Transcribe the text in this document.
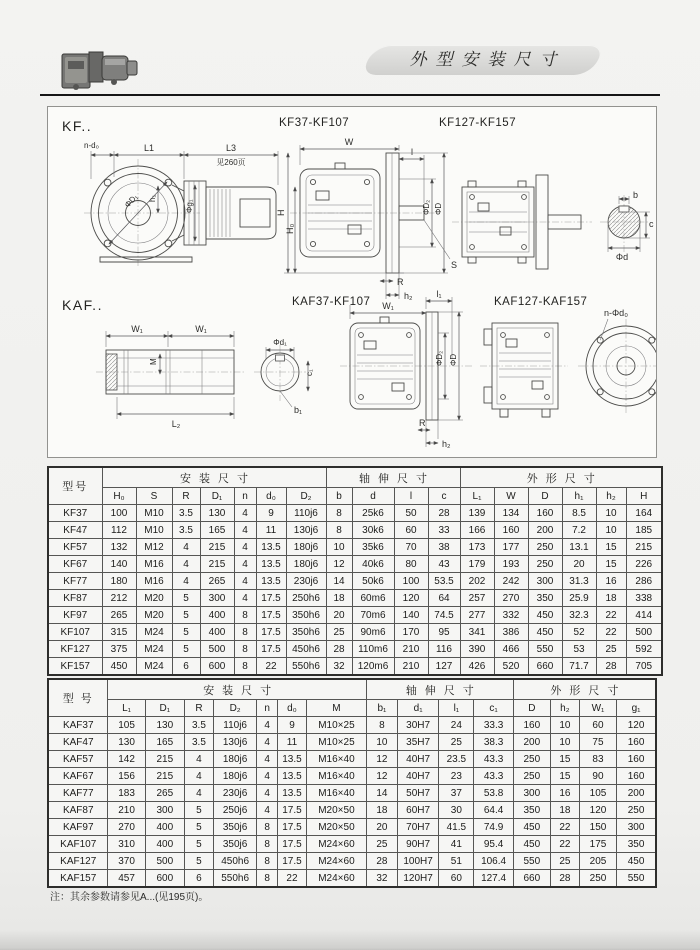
外型安装尺寸
KF..	KF37-KF107	KF127-KF157
KAF..	KAF37-KF107	KAF127-KAF157
n-d₀	L1	L3
见260页
ΦD₁ h₁
Φg₁
W
l
H
H₀
ΦD₂ ΦD
R
h₂
S
b
c
Φd
W₁	W₁
M
L₂
Φd₁
c₁
b₁
W₁
l₁
ΦD₂ ΦD
R
h₂
n-Φd₀
型号	安装尺寸							轴伸尺寸				外形尺寸					
	H₀	S	R	D₁	n	d₀	D₂	b	d	l	c	L₁	W	D	h₁	h₂	H
KF37	100	M10	3.5	130	4	9	110j6	8	25k6	50	28	139	134	160	8.5	10	164
KF47	112	M10	3.5	165	4	11	130j6	8	30k6	60	33	166	160	200	7.2	10	185
KF57	132	M12	4	215	4	13.5	180j6	10	35k6	70	38	173	177	250	13.1	15	215
KF67	140	M16	4	215	4	13.5	180j6	12	40k6	80	43	179	193	250	20	15	226
KF77	180	M16	4	265	4	13.5	230j6	14	50k6	100	53.5	202	242	300	31.3	16	286
KF87	212	M20	5	300	4	17.5	250h6	18	60m6	120	64	257	270	350	25.9	18	338
KF97	265	M20	5	400	8	17.5	350h6	20	70m6	140	74.5	277	332	450	32.3	22	414
KF107	315	M24	5	400	8	17.5	350h6	25	90m6	170	95	341	386	450	52	22	500
KF127	375	M24	5	500	8	17.5	450h6	28	110m6	210	116	390	466	550	53	25	592
KF157	450	M24	6	600	8	22	550h6	32	120m6	210	127	426	520	660	71.7	28	705
型 号	安装尺寸							轴伸尺寸				外形尺寸			
	L₁	D₁	R	D₂	n	d₀	M	b₁	d₁	l₁	c₁	D	h₂	W₁	g₁
KAF37	105	130	3.5	110j6	4	9	M10×25	8	30H7	24	33.3	160	10	60	120
KAF47	130	165	3.5	130j6	4	11	M10×25	10	35H7	25	38.3	200	10	75	160
KAF57	142	215	4	180j6	4	13.5	M16×40	12	40H7	23.5	43.3	250	15	83	160
KAF67	156	215	4	180j6	4	13.5	M16×40	12	40H7	23	43.3	250	15	90	160
KAF77	183	265	4	230j6	4	13.5	M16×40	14	50H7	37	53.8	300	16	105	200
KAF87	210	300	5	250j6	4	17.5	M20×50	18	60H7	30	64.4	350	18	120	250
KAF97	270	400	5	350j6	8	17.5	M20×50	20	70H7	41.5	74.9	450	22	150	300
KAF107	310	400	5	350j6	8	17.5	M24×60	25	90H7	41	95.4	450	22	175	350
KAF127	370	500	5	450h6	8	17.5	M24×60	28	100H7	51	106.4	550	25	205	450
KAF157	457	600	6	550h6	8	22	M24×60	32	120H7	60	127.4	660	28	250	550
注：其余参数请参见A...(见195页)。
